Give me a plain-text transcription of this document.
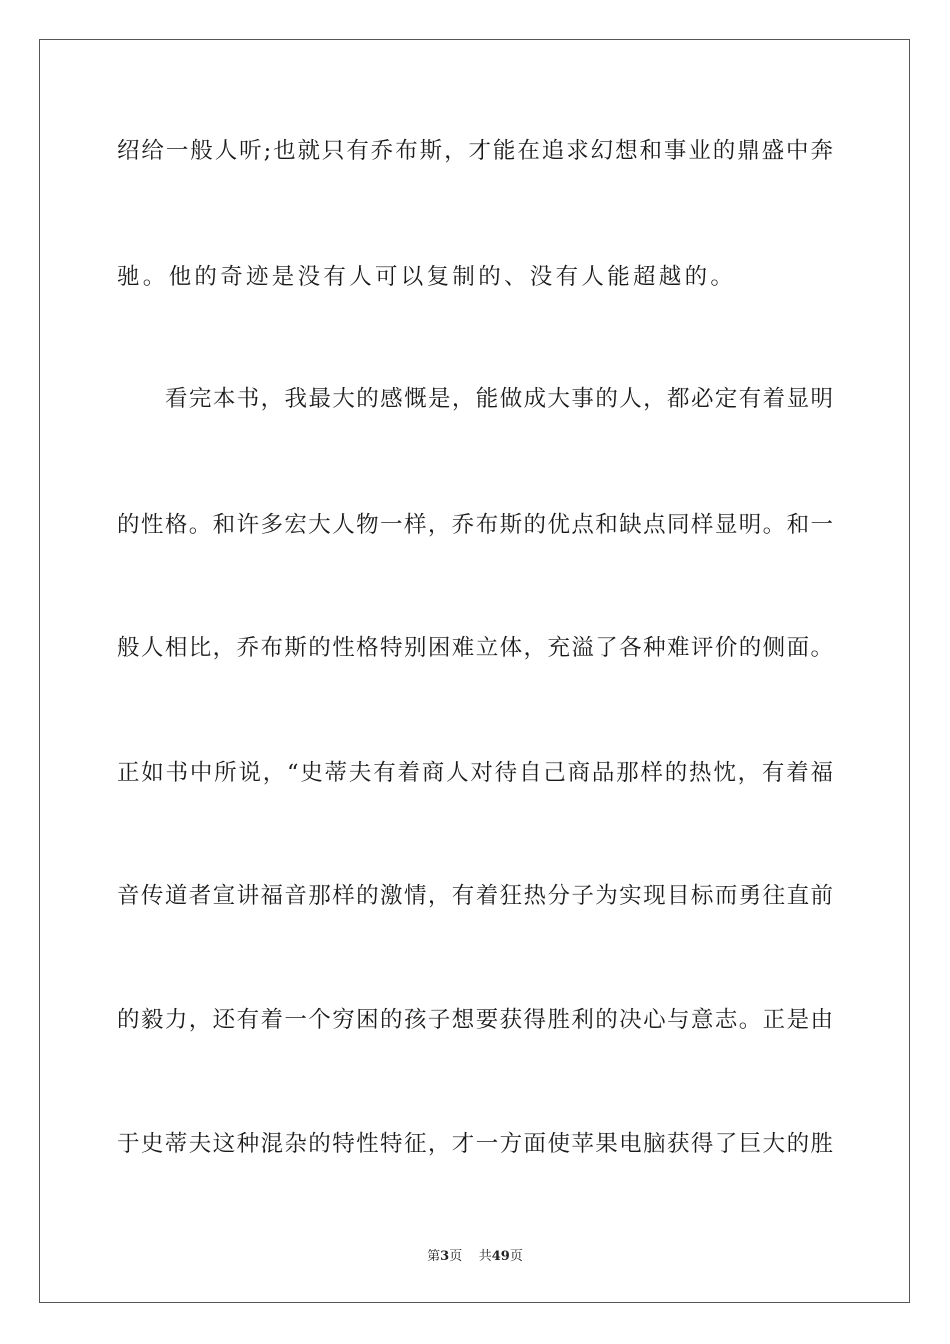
绍给一般人听;也就只有乔布斯，才能在追求幻想和事业的鼎盛中奔
驰。他的奇迹是没有人可以复制的、没有人能超越的。
看完本书，我最大的感慨是，能做成大事的人，都必定有着显明
的性格。和许多宏大人物一样，乔布斯的优点和缺点同样显明。和一
般人相比，乔布斯的性格特别困难立体，充溢了各种难评价的侧面。
正如书中所说，“史蒂夫有着商人对待自己商品那样的热忱，有着福
音传道者宣讲福音那样的激情，有着狂热分子为实现目标而勇往直前
的毅力，还有着一个穷困的孩子想要获得胜利的决心与意志。正是由
于史蒂夫这种混杂的特性特征，才一方面使苹果电脑获得了巨大的胜
第3页 共49页
